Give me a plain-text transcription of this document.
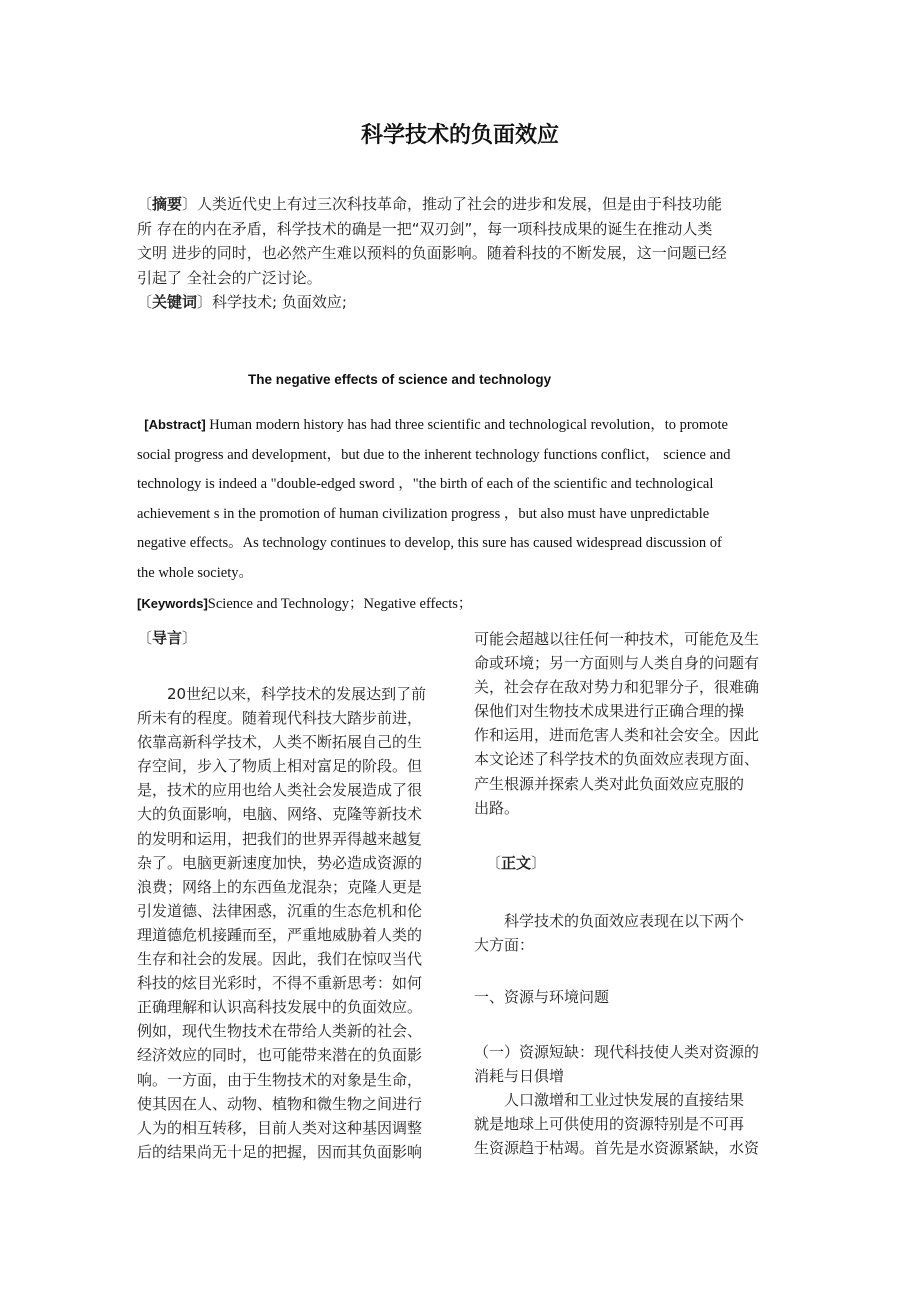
科学技术的负面效应
〔摘要〕人类近代史上有过三次科技革命，推动了社会的进步和发展，但是由于科技功能
所 存在的内在矛盾，科学技术的确是一把“双刃剑”，每一项科技成果的诞生在推动人类
文明 进步的同时，也必然产生难以预料的负面影响。随着科技的不断发展，这一问题已经
引起了 全社会的广泛讨论。
〔关键词〕科学技术; 负面效应;
The negative effects of science and technology
[Abstract] Human modern history has had three scientific and technological revolution，to promote
social progress and development，but due to the inherent technology functions conflict， science and
technology is indeed a "double-edged sword ，"the birth of each of the scientific and technological
achievement s in the promotion of human civilization progress ，but also must have unpredictable
negative effects。As technology continues to develop, this sure has caused widespread discussion of
the whole society。
[Keywords]Science and Technology；Negative effects；
〔导言〕
　　20世纪以来，科学技术的发展达到了前
所未有的程度。随着现代科技大踏步前进，
依靠高新科学技术，人类不断拓展自己的生
存空间，步入了物质上相对富足的阶段。但
是，技术的应用也给人类社会发展造成了很
大的负面影响，电脑、网络、克隆等新技术
的发明和运用，把我们的世界弄得越来越复
杂了。电脑更新速度加快，势必造成资源的
浪费；网络上的东西鱼龙混杂；克隆人更是
引发道德、法律困惑，沉重的生态危机和伦
理道德危机接踵而至，严重地威胁着人类的
生存和社会的发展。因此，我们在惊叹当代
科技的炫目光彩时，不得不重新思考：如何
正确理解和认识高科技发展中的负面效应。
例如，现代生物技术在带给人类新的社会、
经济效应的同时，也可能带来潜在的负面影
响。一方面，由于生物技术的对象是生命，
使其因在人、动物、植物和微生物之间进行
人为的相互转移，目前人类对这种基因调整
后的结果尚无十足的把握，因而其负面影响
可能会超越以往任何一种技术，可能危及生
命或环境；另一方面则与人类自身的问题有
关，社会存在敌对势力和犯罪分子，很难确
保他们对生物技术成果进行正确合理的操
作和运用，进而危害人类和社会安全。因此
本文论述了科学技术的负面效应表现方面、
产生根源并探索人类对此负面效应克服的
出路。
〔正文〕
　　科学技术的负面效应表现在以下两个
大方面：
一、资源与环境问题
（一）资源短缺：现代科技使人类对资源的
消耗与日俱增
　　人口激增和工业过快发展的直接结果
就是地球上可供使用的资源特别是不可再
生资源趋于枯竭。首先是水资源紧缺，水资
